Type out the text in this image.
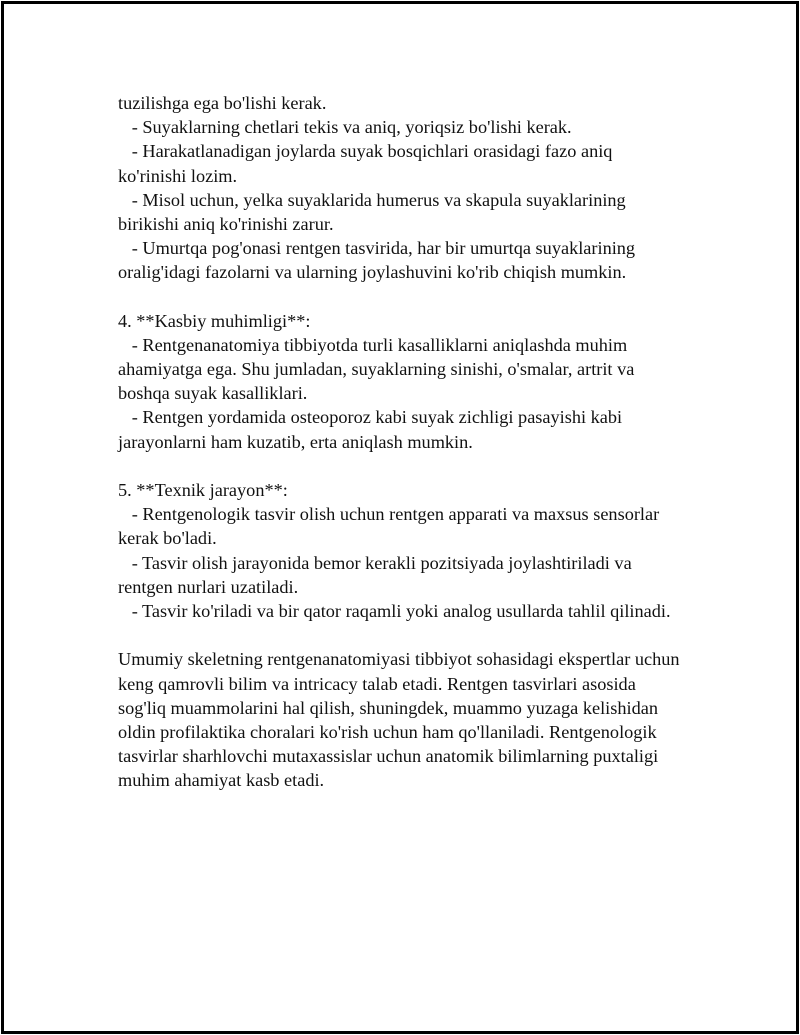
tuzilishga ega bo'lishi kerak.
- Suyaklarning chetlari tekis va aniq, yoriqsiz bo'lishi kerak.
- Harakatlanadigan joylarda suyak bosqichlari orasidagi fazo aniq
ko'rinishi lozim.
- Misol uchun, yelka suyaklarida humerus va skapula suyaklarining
birikishi aniq ko'rinishi zarur.
- Umurtqa pog'onasi rentgen tasvirida, har bir umurtqa suyaklarining
oralig'idagi fazolarni va ularning joylashuvini ko'rib chiqish mumkin.
4. **Kasbiy muhimligi**:
- Rentgenanatomiya tibbiyotda turli kasalliklarni aniqlashda muhim
ahamiyatga ega. Shu jumladan, suyaklarning sinishi, o'smalar, artrit va
boshqa suyak kasalliklari.
- Rentgen yordamida osteoporoz kabi suyak zichligi pasayishi kabi
jarayonlarni ham kuzatib, erta aniqlash mumkin.
5. **Texnik jarayon**:
- Rentgenologik tasvir olish uchun rentgen apparati va maxsus sensorlar
kerak bo'ladi.
- Tasvir olish jarayonida bemor kerakli pozitsiyada joylashtiriladi va
rentgen nurlari uzatiladi.
- Tasvir ko'riladi va bir qator raqamli yoki analog usullarda tahlil qilinadi.
Umumiy skeletning rentgenanatomiyasi tibbiyot sohasidagi ekspertlar uchun
keng qamrovli bilim va intricacy talab etadi. Rentgen tasvirlari asosida
sog'liq muammolarini hal qilish, shuningdek, muammo yuzaga kelishidan
oldin profilaktika choralari ko'rish uchun ham qo'llaniladi. Rentgenologik
tasvirlar sharhlovchi mutaxassislar uchun anatomik bilimlarning puxtaligi
muhim ahamiyat kasb etadi.
